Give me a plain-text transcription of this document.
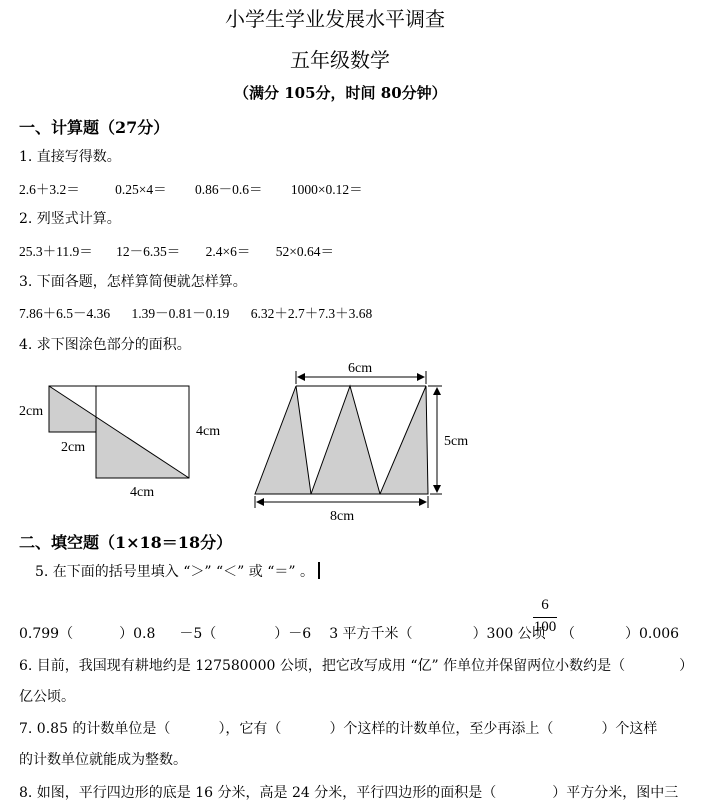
小学生学业发展水平调查
五年级数学
（满分 105分，时间 80分钟）
一、计算题（27分）
1. 直接写得数。
2.6＋3.2＝	0.25×4＝ 0.86－0.6＝ 1000×0.12＝
2. 列竖式计算。
25.3＋11.9＝ 12－6.35＝ 2.4×6＝ 52×0.64＝
3. 下面各题，怎样算简便就怎样算。
7.86＋6.5－4.36 1.39－0.81－0.19 6.32＋2.7＋7.3＋3.68
4. 求下图涂色部分的面积。
2cm
2cm
4cm
4cm
6cm
5cm
8cm
二、填空题（1×18＝18分）
5. 在下面的括号里填入 “＞” “＜” 或 “＝” 。
6
100
0.799（	）0.8 －5（	）－6 3 平方千米（	）300 公顷 （	）0.006
6. 目前，我国现有耕地约是 127580000 公顷，把它改写成用 “亿” 作单位并保留两位小数约是（	）
亿公顷。
7. 0.85 的计数单位是（	），它有（	）个这样的计数单位，至少再添上（	）个这样
的计数单位就能成为整数。
8. 如图，平行四边形的底是 16 分米，高是 24 分米，平行四边形的面积是（　　　　）平方分米，图中三
